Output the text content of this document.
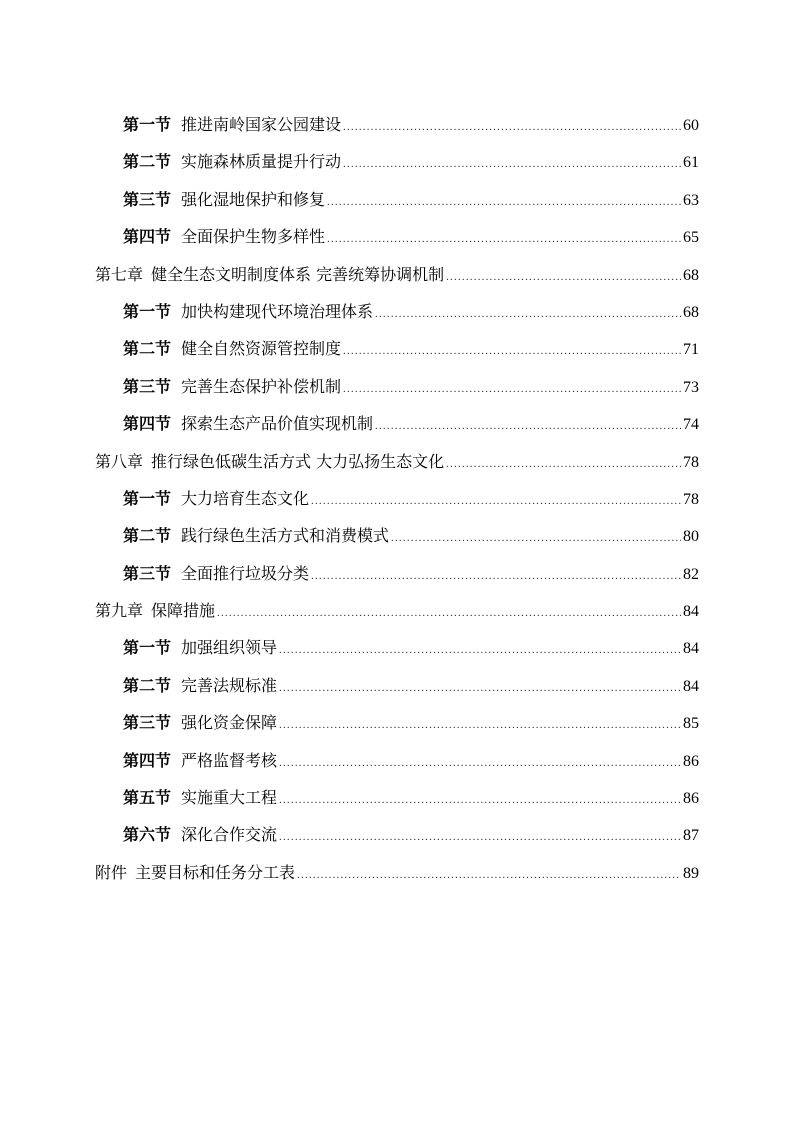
第一节 推进南岭国家公园建设 .....	60
第二节 实施森林质量提升行动 .....	61
第三节 强化湿地保护和修复 .....	63
第四节 全面保护生物多样性 .....	65
第七章 健全生态文明制度体系 完善统筹协调机制 .....	68
第一节 加快构建现代环境治理体系 .....	68
第二节 健全自然资源管控制度 .....	71
第三节 完善生态保护补偿机制 .....	73
第四节 探索生态产品价值实现机制 .....	74
第八章 推行绿色低碳生活方式 大力弘扬生态文化 .....	78
第一节 大力培育生态文化 .....	78
第二节 践行绿色生活方式和消费模式 .....	80
第三节 全面推行垃圾分类 .....	82
第九章 保障措施 .....	84
第一节 加强组织领导 .....	84
第二节 完善法规标准 .....	84
第三节 强化资金保障 .....	85
第四节 严格监督考核 .....	86
第五节 实施重大工程 .....	86
第六节 深化合作交流 .....	87
附件 主要目标和任务分工表 .....	89
